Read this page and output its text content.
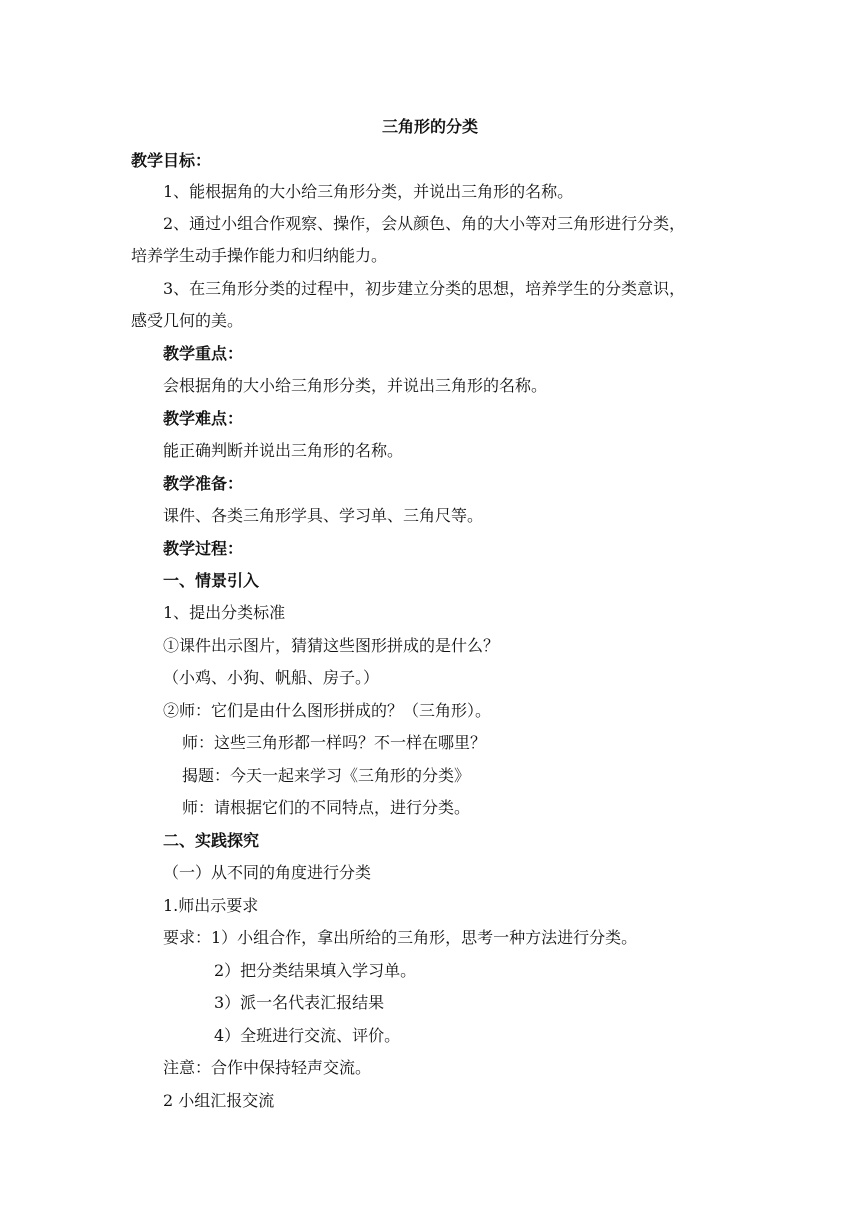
三角形的分类
教学目标：
1、能根据角的大小给三角形分类，并说出三角形的名称。
2、通过小组合作观察、操作，会从颜色、角的大小等对三角形进行分类，
培养学生动手操作能力和归纳能力。
3、在三角形分类的过程中，初步建立分类的思想，培养学生的分类意识，
感受几何的美。
教学重点：
会根据角的大小给三角形分类，并说出三角形的名称。
教学难点：
能正确判断并说出三角形的名称。
教学准备：
课件、各类三角形学具、学习单、三角尺等。
教学过程：
一、情景引入
1、提出分类标准
①课件出示图片，猜猜这些图形拼成的是什么？
（小鸡、小狗、帆船、房子。）
②师：它们是由什么图形拼成的？（三角形）。
师：这些三角形都一样吗？不一样在哪里？
揭题：今天一起来学习《三角形的分类》
师：请根据它们的不同特点，进行分类。
二、实践探究
（一）从不同的角度进行分类
1.师出示要求
要求：1）小组合作，拿出所给的三角形，思考一种方法进行分类。
2）把分类结果填入学习单。
3）派一名代表汇报结果
4）全班进行交流、评价。
注意：合作中保持轻声交流。
2 小组汇报交流
